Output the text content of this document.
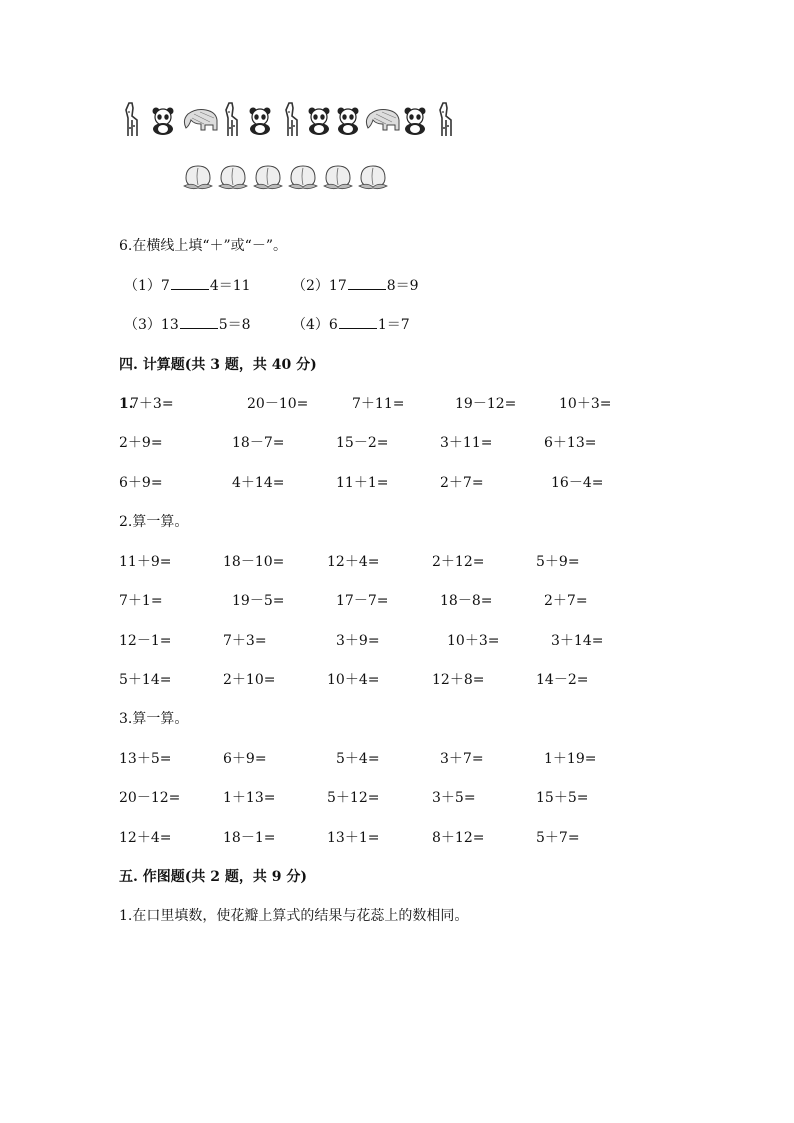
6.在横线上填“＋”或“－”。
（1）7	4＝11	（2）17	8＝9
（3）13	5＝8	（4）6	1＝7
四. 计算题(共 3 题，共 40 分)
1.
7＋3=	20－10=	7＋11=	19－12=	10＋3=
2＋9=	18－7=	15－2=	3＋11=	6＋13=
6＋9=	4＋14=	11＋1=	2＋7=	16－4=
2.算一算。
11＋9=	18－10=	12＋4=	2＋12=	5＋9=
7＋1=	19－5=	17－7=	18－8=	2＋7=
12－1=	7＋3=	3＋9=	10＋3=	3＋14=
5＋14=	2＋10=	10＋4=	12＋8=	14－2=
3.算一算。
13＋5=	6＋9=	5＋4=	3＋7=	1＋19=
20－12=	1＋13=	5＋12=	3＋5=	15＋5=
12＋4=	18－1=	13＋1=	8＋12=	5＋7=
五. 作图题(共 2 题，共 9 分)
1.在口里填数，使花瓣上算式的结果与花蕊上的数相同。
